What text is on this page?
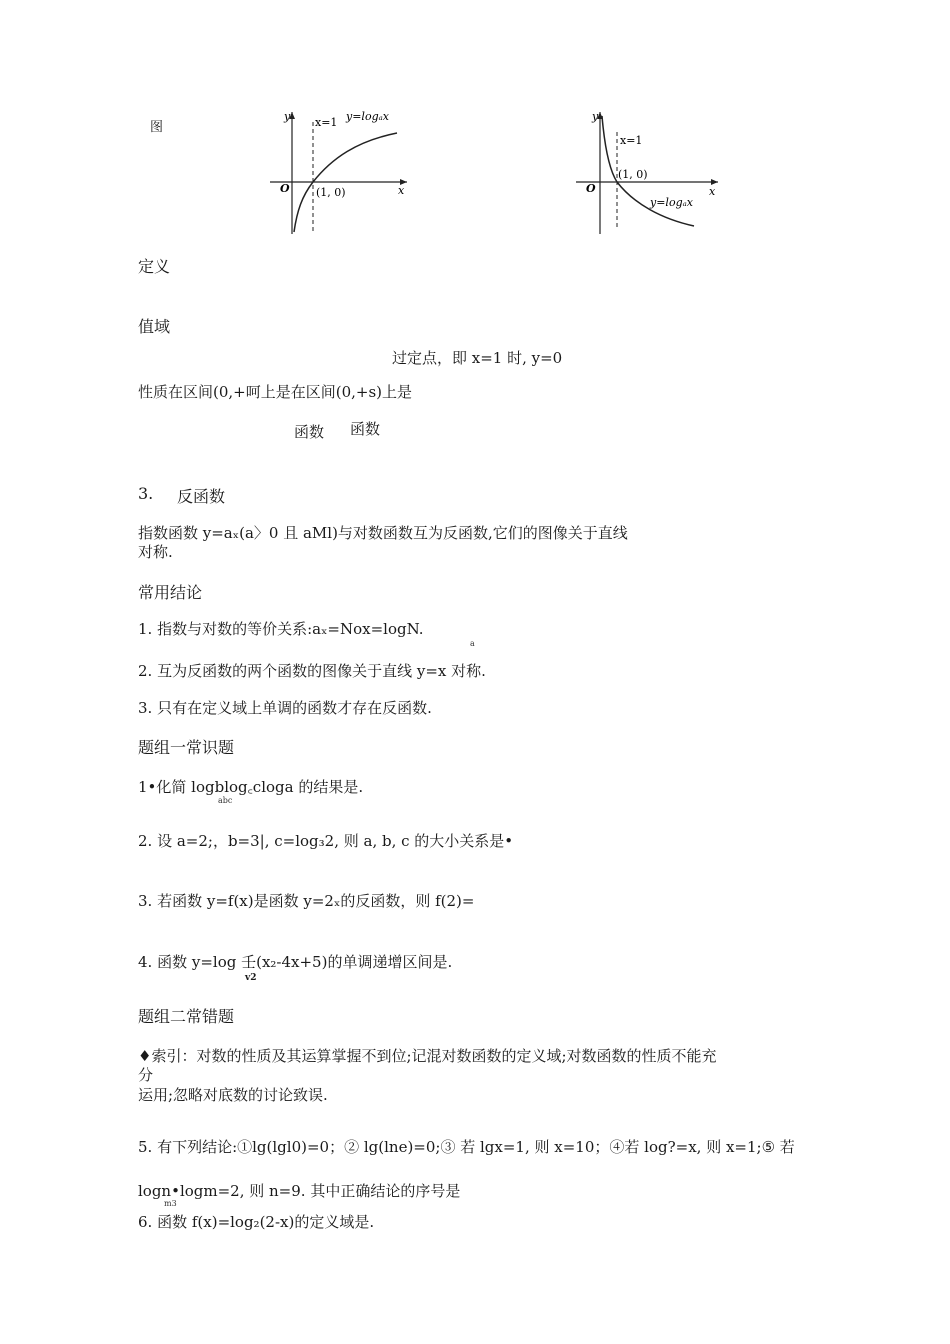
图
y
x
O
x=1 y=logₐx
(1, 0)
y
x
O
x=1
(1, 0)
y=logₐx
定义
值域
过定点，即 x=1 时, y=0
性质在区间(0,+呵上是在区间(0,+s)上是
函数 函数
3. 反函数
指数函数 y=aₓ(a〉0 且 aMl)与对数函数互为反函数,它们的图像关于直线
对称.
常用结论
1. 指数与对数的等价关系:aₓ=Nox=logN.
a
2. 互为反函数的两个函数的图像关于直线 y=x 对称.
3. 只有在定义域上单调的函数才存在反函数.
题组一常识题
1•化简 logblog꜀cloga 的结果是.
abc
2. 设 a=2;，b=3|, c=log₃2, 则 a, b, c 的大小关系是•
3. 若函数 y=f(x)是函数 y=2ₓ的反函数，则 f(2)=
4. 函数 y=log 壬(x₂-4x+5)的单调递增区间是.
v2
题组二常错题
♦索引：对数的性质及其运算掌握不到位;记混对数函数的定义域;对数函数的性质不能充
分
运用;忽略对底数的讨论致误.
5. 有下列结论:①lg(lgl0)=0；② lg(lne)=0;③ 若 lgx=1, 则 x=10；④若 log?=x, 则 x=1;⑤ 若
logn•logm=2, 则 n=9. 其中正确结论的序号是
m3
6. 函数 f(x)=log₂(2-x)的定义域是.
